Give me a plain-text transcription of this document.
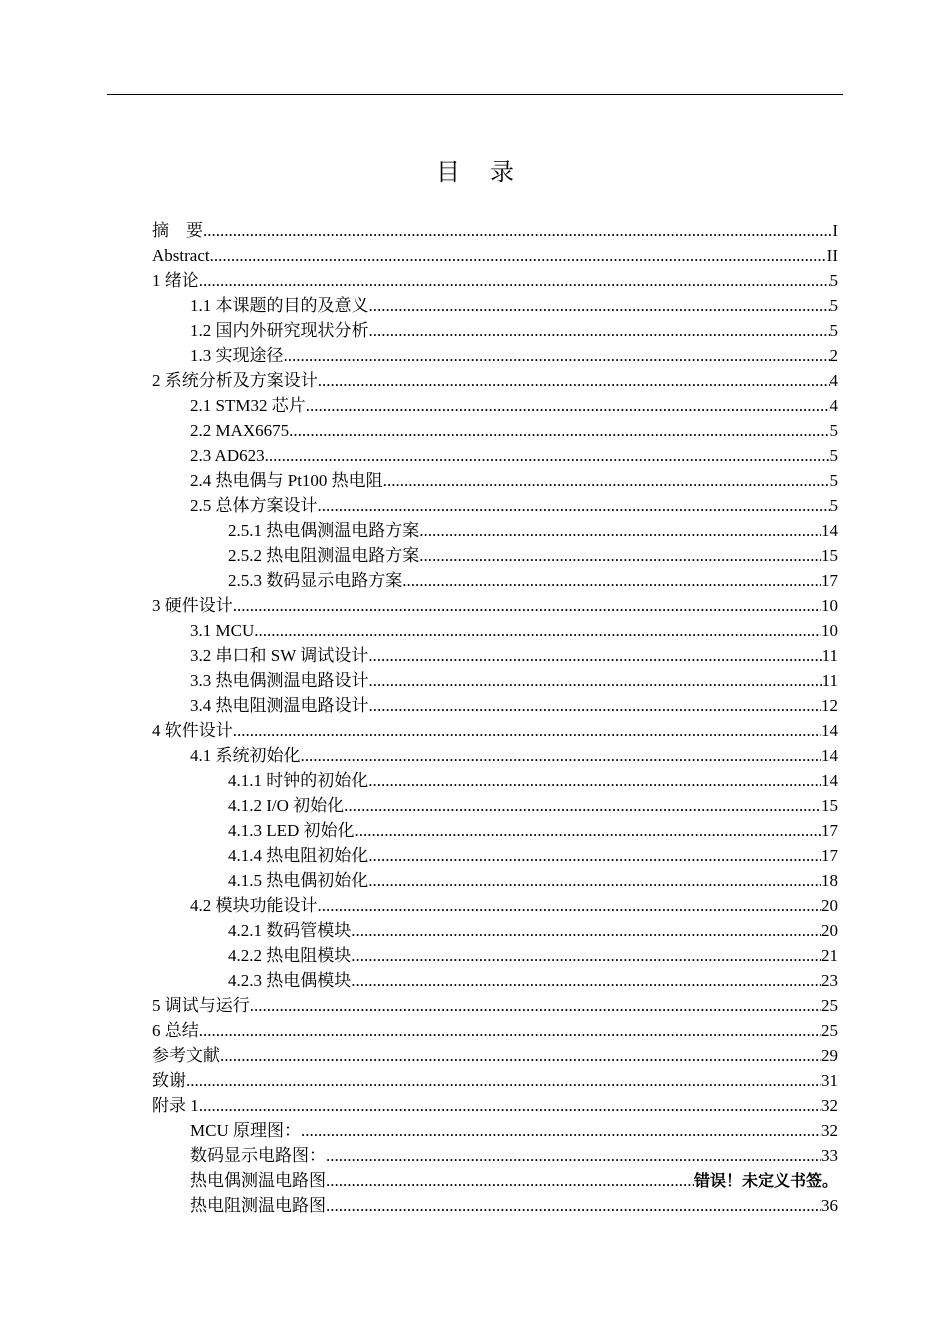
目 录
摘　要 .....	I
Abstract .....	II
1 绪论 .....	5
1.1 本课题的目的及意义 .....	5
1.2 国内外研究现状分析 .....	5
1.3 实现途径 .....	2
2 系统分析及方案设计 .....	4
2.1 STM32 芯片 .....	4
2.2 MAX6675 .....	5
2.3 AD623 .....	5
2.4 热电偶与 Pt100 热电阻 .....	5
2.5 总体方案设计 .....	5
2.5.1 热电偶测温电路方案 .....	14
2.5.2 热电阻测温电路方案 .....	15
2.5.3 数码显示电路方案 .....	17
3 硬件设计 .....	10
3.1 MCU .....	10
3.2 串口和 SW 调试设计 .....	11
3.3 热电偶测温电路设计 .....	11
3.4 热电阻测温电路设计 .....	12
4 软件设计 .....	14
4.1 系统初始化 .....	14
4.1.1 时钟的初始化 .....	14
4.1.2 I/O 初始化 .....	15
4.1.3 LED 初始化 .....	17
4.1.4 热电阻初始化 .....	17
4.1.5 热电偶初始化 .....	18
4.2 模块功能设计 .....	20
4.2.1 数码管模块 .....	20
4.2.2 热电阻模块 .....	21
4.2.3 热电偶模块 .....	23
5 调试与运行 .....	25
6 总结 .....	25
参考文献 .....	29
致谢 .....	31
附录 1 .....	32
MCU 原理图： .....	32
数码显示电路图： .....	33
热电偶测温电路图 .....	错误！未定义书签。
热电阻测温电路图 .....	36
